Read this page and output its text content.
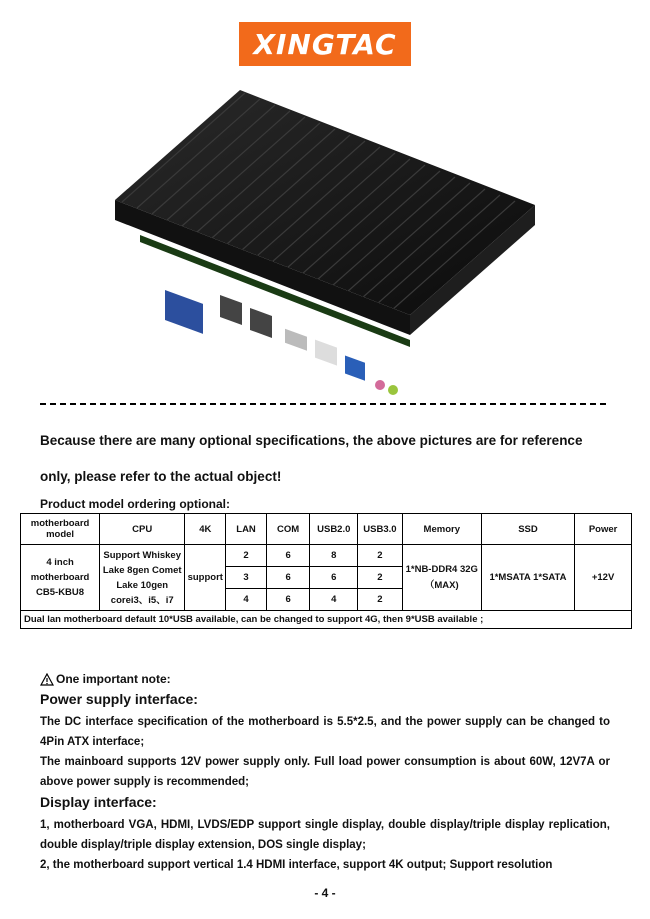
XINGTAC
Because there are many optional specifications, the above pictures are for reference
only, please refer to the actual object!
Product model ordering optional:
motherboard model	CPU	4K	LAN	COM	USB2.0	USB3.0	Memory	SSD	Power
4 inch motherboard CB5-KBU8	Support Whiskey Lake 8gen Comet Lake 10gen corei3、i5、i7	support	2	6	8	2	1*NB-DDR4 32G（MAX)	1*MSATA 1*SATA	+12V
			3	6	6	2			
			4	6	4	2			
Dual lan motherboard default 10*USB available, can be changed to support 4G, then 9*USB available ;									
One important note:
Power supply interface:
The DC interface specification of the motherboard is 5.5*2.5, and the power supply can be changed to 4Pin ATX interface;
The mainboard supports 12V power supply only. Full load power consumption is about 60W, 12V7A or above power supply is recommended;
Display interface:
1, motherboard VGA, HDMI, LVDS/EDP support single display, double display/triple display replication, double display/triple display extension, DOS single display;
2, the motherboard support vertical 1.4 HDMI interface, support 4K output; Support resolution
- 4 -
